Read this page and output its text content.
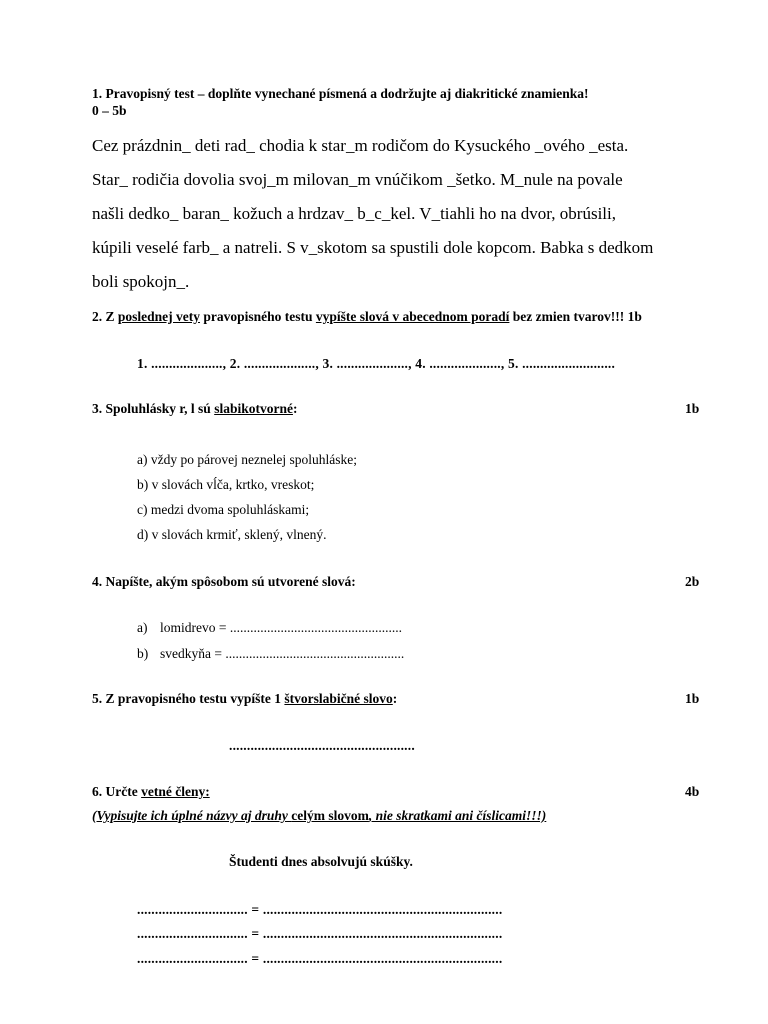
1. Pravopisný test – doplňte vynechané písmená a dodržujte aj diakritické znamienka!
0 – 5b
Cez prázdnin_ deti rad_ chodia k star_m rodičom do Kysuckého _ového _esta.
Star_ rodičia dovolia svoj_m milovan_m vnúčikom _šetko. M_nule na povale
našli dedko_ baran_ kožuch a hrdzav_ b_c_kel. V_tiahli ho na dvor, obrúsili,
kúpili veselé farb_ a natreli. S v_skotom sa spustili dole kopcom. Babka s dedkom
boli spokojn_.
2. Z poslednej vety pravopisného testu vypíšte slová v abecednom poradí bez zmien tvarov!!! 1b
1. ...................., 2. ...................., 3. ...................., 4. ...................., 5. ..........................
3. Spoluhlásky r, l sú slabikotvorné:	1b
a) vždy po párovej neznelej spoluhláske;
b) v slovách vĺča, krtko, vreskot;
c) medzi dvoma spoluhláskami;
d) v slovách krmiť, sklený, vlnený.
4. Napíšte, akým spôsobom sú utvorené slová:	2b
a) lomidrevo = ...................................................
b) svedkyňa = .....................................................
5. Z pravopisného testu vypíšte 1 štvorslabičné slovo:	1b
....................................................
6. Určte vetné členy:	4b
(Vypisujte ich úplné názvy aj druhy celým slovom, nie skratkami ani číslicami!!!)
Študenti dnes absolvujú skúšky.
............................... = ...................................................................
............................... = ...................................................................
............................... = ...................................................................
